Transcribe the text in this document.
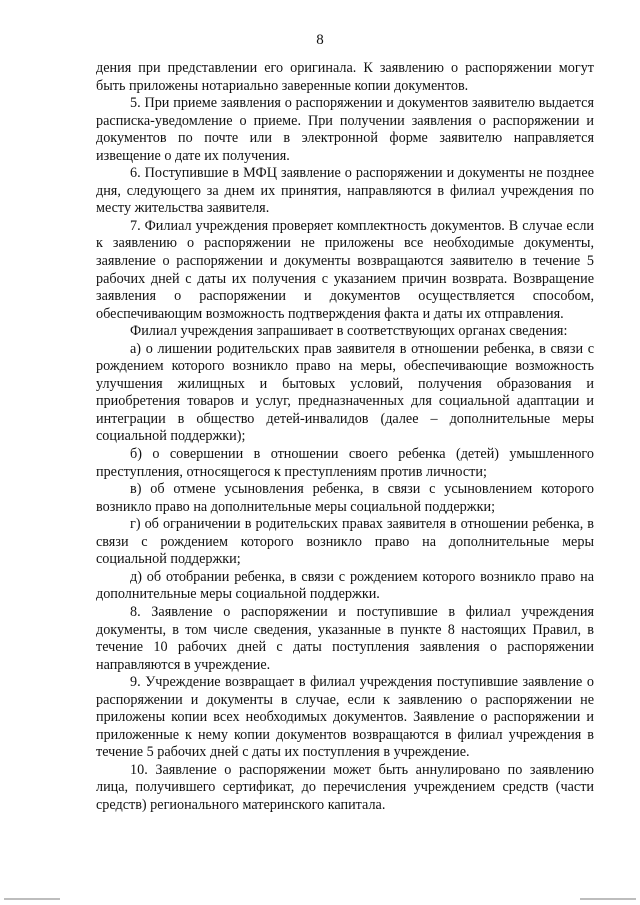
8

дения при представлении его оригинала. К заявлению о распоряжении могут быть приложены нотариально заверенные копии документов.

5. При приеме заявления о распоряжении и документов заявителю выдается расписка-уведомление о приеме. При получении заявления о распоряжении и документов по почте или в электронной форме заявителю направляется извещение о дате их получения.

6. Поступившие в МФЦ заявление о распоряжении и документы не позднее дня, следующего за днем их принятия, направляются в филиал учреждения по месту жительства заявителя.

7. Филиал учреждения проверяет комплектность документов. В случае если к заявлению о распоряжении не приложены все необходимые документы, заявление о распоряжении и документы возвращаются заявителю в течение 5 рабочих дней с даты их получения с указанием причин возврата. Возвращение заявления о распоряжении и документов осуществляется способом, обеспечивающим возможность подтверждения факта и даты их отправления.

Филиал учреждения запрашивает в соответствующих органах сведения:

а) о лишении родительских прав заявителя в отношении ребенка, в связи с рождением которого возникло право на меры, обеспечивающие возможность улучшения жилищных и бытовых условий, получения образования и приобретения товаров и услуг, предназначенных для социальной адаптации и интеграции в общество детей-инвалидов (далее – дополнительные меры социальной поддержки);

б) о совершении в отношении своего ребенка (детей) умышленного преступления, относящегося к преступлениям против личности;

в) об отмене усыновления ребенка, в связи с усыновлением которого возникло право на дополнительные меры социальной поддержки;

г) об ограничении в родительских правах заявителя в отношении ребенка, в связи с рождением которого возникло право на дополнительные меры социальной поддержки;

д) об отобрании ребенка, в связи с рождением которого возникло право на дополнительные меры социальной поддержки.

8. Заявление о распоряжении и поступившие в филиал учреждения документы, в том числе сведения, указанные в пункте 8 настоящих Правил, в течение 10 рабочих дней с даты поступления заявления о распоряжении направляются в учреждение.

9. Учреждение возвращает в филиал учреждения поступившие заявление о распоряжении и документы в случае, если к заявлению о распоряжении не приложены копии всех необходимых документов. Заявление о распоряжении и приложенные к нему копии документов возвращаются в филиал учреждения в течение 5 рабочих дней с даты их поступления в учреждение.

10. Заявление о распоряжении может быть аннулировано по заявлению лица, получившего сертификат, до перечисления учреждением средств (части средств) регионального материнского капитала.
